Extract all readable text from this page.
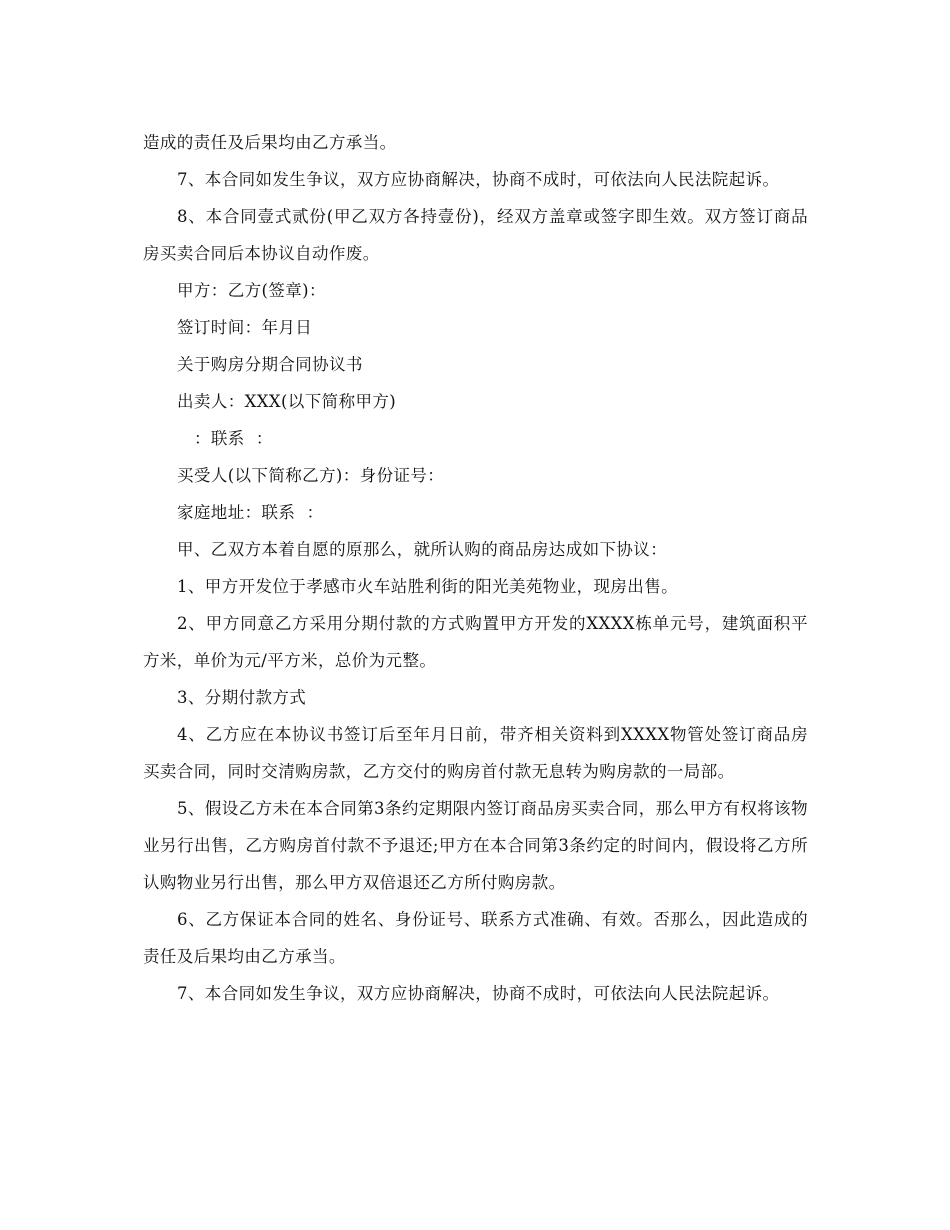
造成的责任及后果均由乙方承当。

7、本合同如发生争议，双方应协商解决，协商不成时，可依法向人民法院起诉。

8、本合同壹式贰份(甲乙双方各持壹份)，经双方盖章或签字即生效。双方签订商品房买卖合同后本协议自动作废。

甲方：乙方(签章)：

签订时间：年月日

关于购房分期合同协议书

出卖人：XXX(以下简称甲方)

：联系  ：

买受人(以下简称乙方)：身份证号：

家庭地址：联系  ：

甲、乙双方本着自愿的原那么，就所认购的商品房达成如下协议：

1、甲方开发位于孝感市火车站胜利街的阳光美苑物业，现房出售。

2、甲方同意乙方采用分期付款的方式购置甲方开发的XXXX栋单元号，建筑面积平方米，单价为元/平方米，总价为元整。

3、分期付款方式

4、乙方应在本协议书签订后至年月日前，带齐相关资料到XXXX物管处签订商品房买卖合同，同时交清购房款，乙方交付的购房首付款无息转为购房款的一局部。

5、假设乙方未在本合同第3条约定期限内签订商品房买卖合同，那么甲方有权将该物业另行出售，乙方购房首付款不予退还;甲方在本合同第3条约定的时间内，假设将乙方所认购物业另行出售，那么甲方双倍退还乙方所付购房款。

6、乙方保证本合同的姓名、身份证号、联系方式准确、有效。否那么，因此造成的责任及后果均由乙方承当。

7、本合同如发生争议，双方应协商解决，协商不成时，可依法向人民法院起诉。
